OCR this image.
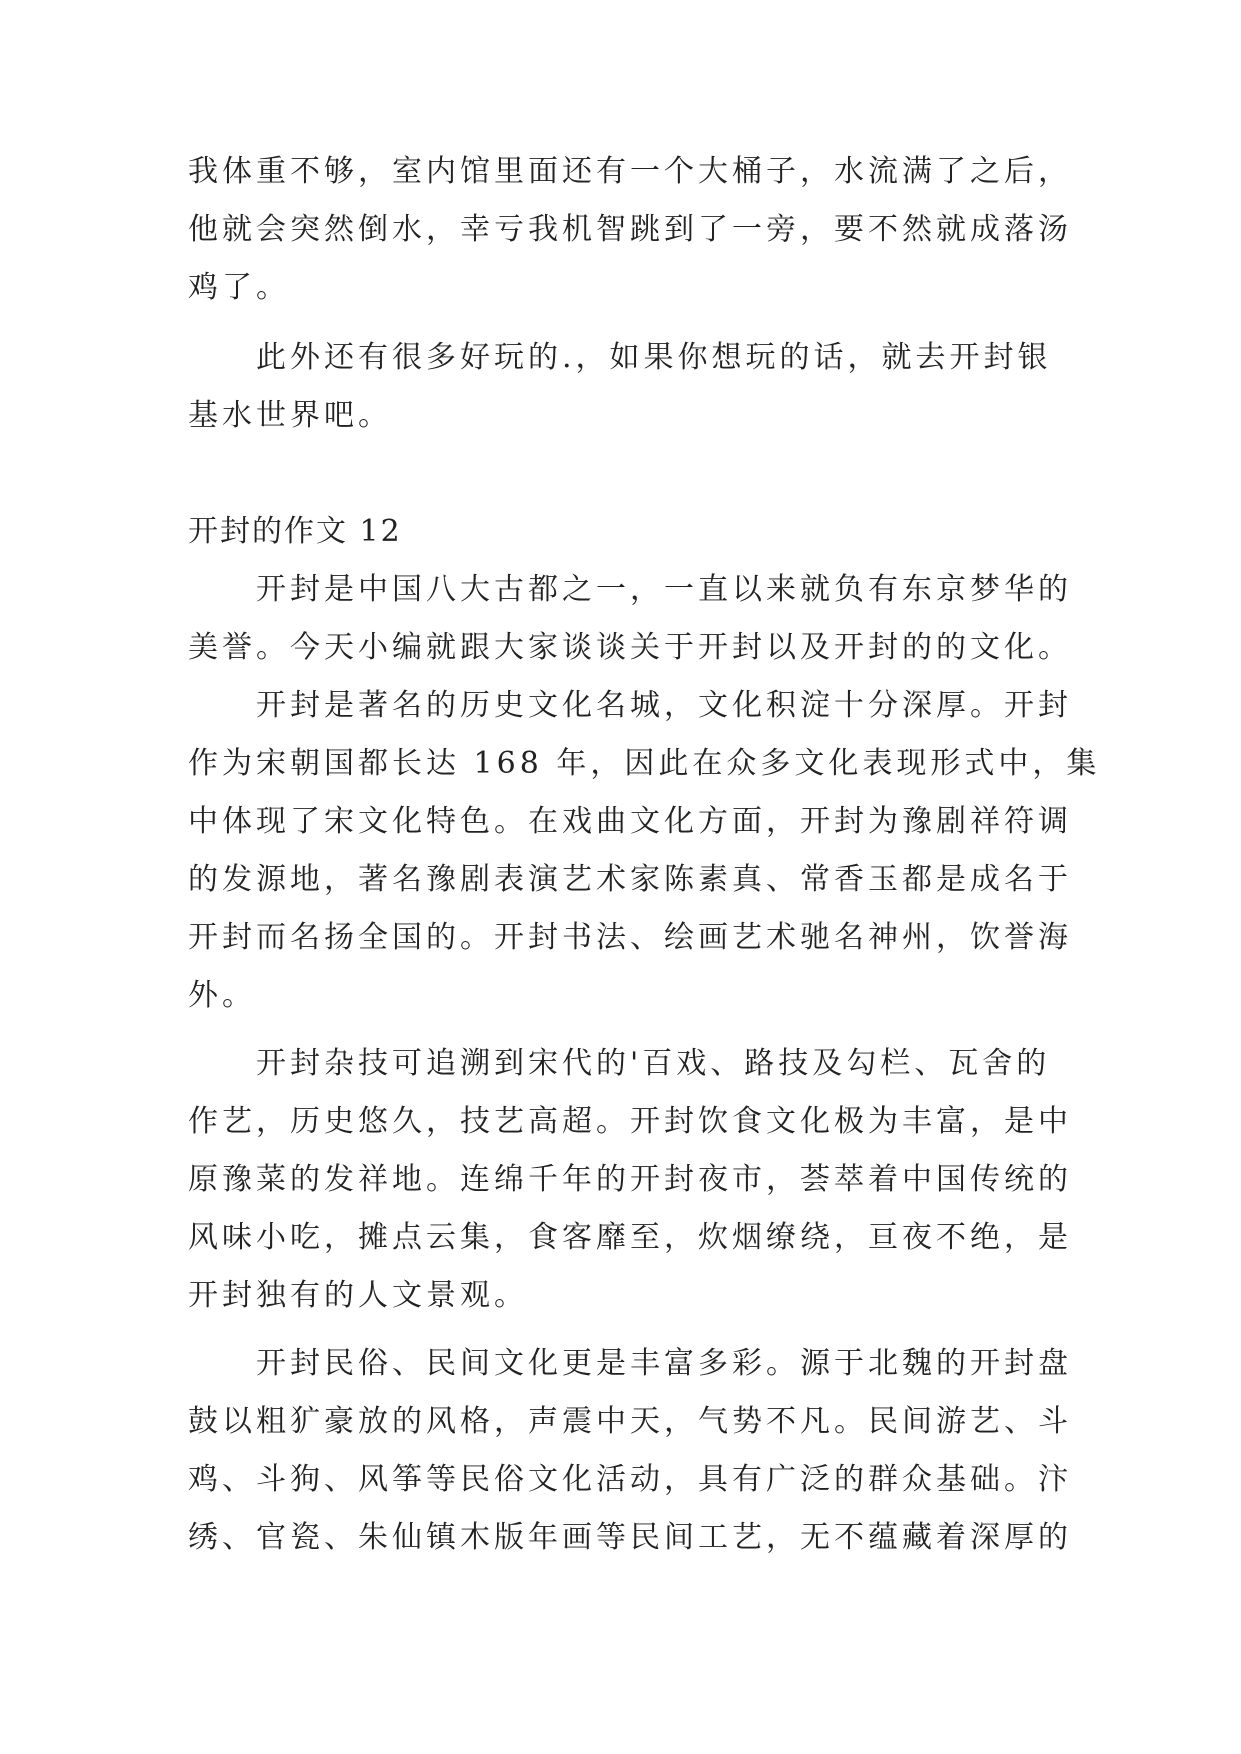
我体重不够，室内馆里面还有一个大桶子，水流满了之后，
他就会突然倒水，幸亏我机智跳到了一旁，要不然就成落汤
鸡了。
　　此外还有很多好玩的.，如果你想玩的话，就去开封银
基水世界吧。
开封的作文 12
　　开封是中国八大古都之一，一直以来就负有东京梦华的
美誉。今天小编就跟大家谈谈关于开封以及开封的的文化。
　　开封是著名的历史文化名城，文化积淀十分深厚。开封
作为宋朝国都长达 168 年，因此在众多文化表现形式中，集
中体现了宋文化特色。在戏曲文化方面，开封为豫剧祥符调
的发源地，著名豫剧表演艺术家陈素真、常香玉都是成名于
开封而名扬全国的。开封书法、绘画艺术驰名神州，饮誉海
外。
　　开封杂技可追溯到宋代的'百戏、路技及勾栏、瓦舍的
作艺，历史悠久，技艺高超。开封饮食文化极为丰富，是中
原豫菜的发祥地。连绵千年的开封夜市，荟萃着中国传统的
风味小吃，摊点云集，食客靡至，炊烟缭绕，亘夜不绝，是
开封独有的人文景观。
　　开封民俗、民间文化更是丰富多彩。源于北魏的开封盘
鼓以粗犷豪放的风格，声震中天，气势不凡。民间游艺、斗
鸡、斗狗、风筝等民俗文化活动，具有广泛的群众基础。汴
绣、官瓷、朱仙镇木版年画等民间工艺，无不蕴藏着深厚的
